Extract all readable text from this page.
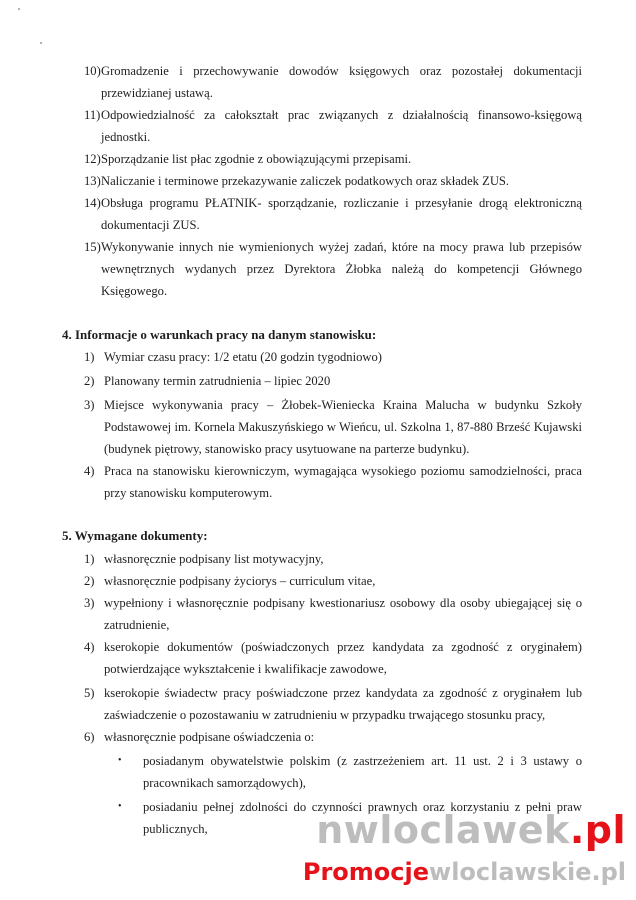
10) Gromadzenie i przechowywanie dowodów księgowych oraz pozostałej dokumentacji przewidzianej ustawą.
11) Odpowiedzialność za całokształt prac związanych z działalnością finansowo-księgową jednostki.
12) Sporządzanie list płac zgodnie z obowiązującymi przepisami.
13) Naliczanie i terminowe przekazywanie zaliczek podatkowych oraz składek ZUS.
14) Obsługa programu PŁATNIK- sporządzanie, rozliczanie i przesyłanie drogą elektroniczną dokumentacji ZUS.
15) Wykonywanie innych nie wymienionych wyżej zadań, które na mocy prawa lub przepisów wewnętrznych wydanych przez Dyrektora Żłobka należą do kompetencji Głównego Księgowego.
4. Informacje o warunkach pracy na danym stanowisku:
1) Wymiar czasu pracy: 1/2 etatu (20 godzin tygodniowo)
2) Planowany termin zatrudnienia – lipiec 2020
3) Miejsce wykonywania pracy – Żłobek-Wieniecka Kraina Malucha w budynku Szkoły Podstawowej im. Kornela Makuszyńskiego w Wieńcu, ul. Szkolna 1, 87-880 Brześć Kujawski (budynek piętrowy, stanowisko pracy usytuowane na parterze budynku).
4) Praca na stanowisku kierowniczym, wymagająca wysokiego poziomu samodzielności, praca przy stanowisku komputerowym.
5. Wymagane dokumenty:
1) własnoręcznie podpisany list motywacyjny,
2) własnoręcznie podpisany życiorys – curriculum vitae,
3) wypełniony i własnoręcznie podpisany kwestionariusz osobowy dla osoby ubiegającej się o zatrudnienie,
4) kserokopie dokumentów (poświadczonych przez kandydata za zgodność z oryginałem) potwierdzające wykształcenie i kwalifikacje zawodowe,
5) kserokopie świadectw pracy poświadczone przez kandydata za zgodność z oryginałem lub zaświadczenie o pozostawaniu w zatrudnieniu w przypadku trwającego stosunku pracy,
6) własnoręcznie podpisane oświadczenia o:
• posiadanym obywatelstwie polskim (z zastrzeżeniem art. 11 ust. 2 i 3 ustawy o pracownikach samorządowych),
• posiadaniu pełnej zdolności do czynności prawnych oraz korzystaniu z pełni praw publicznych,	nwloclawek.pl
Promocjewloclawskie.pl
